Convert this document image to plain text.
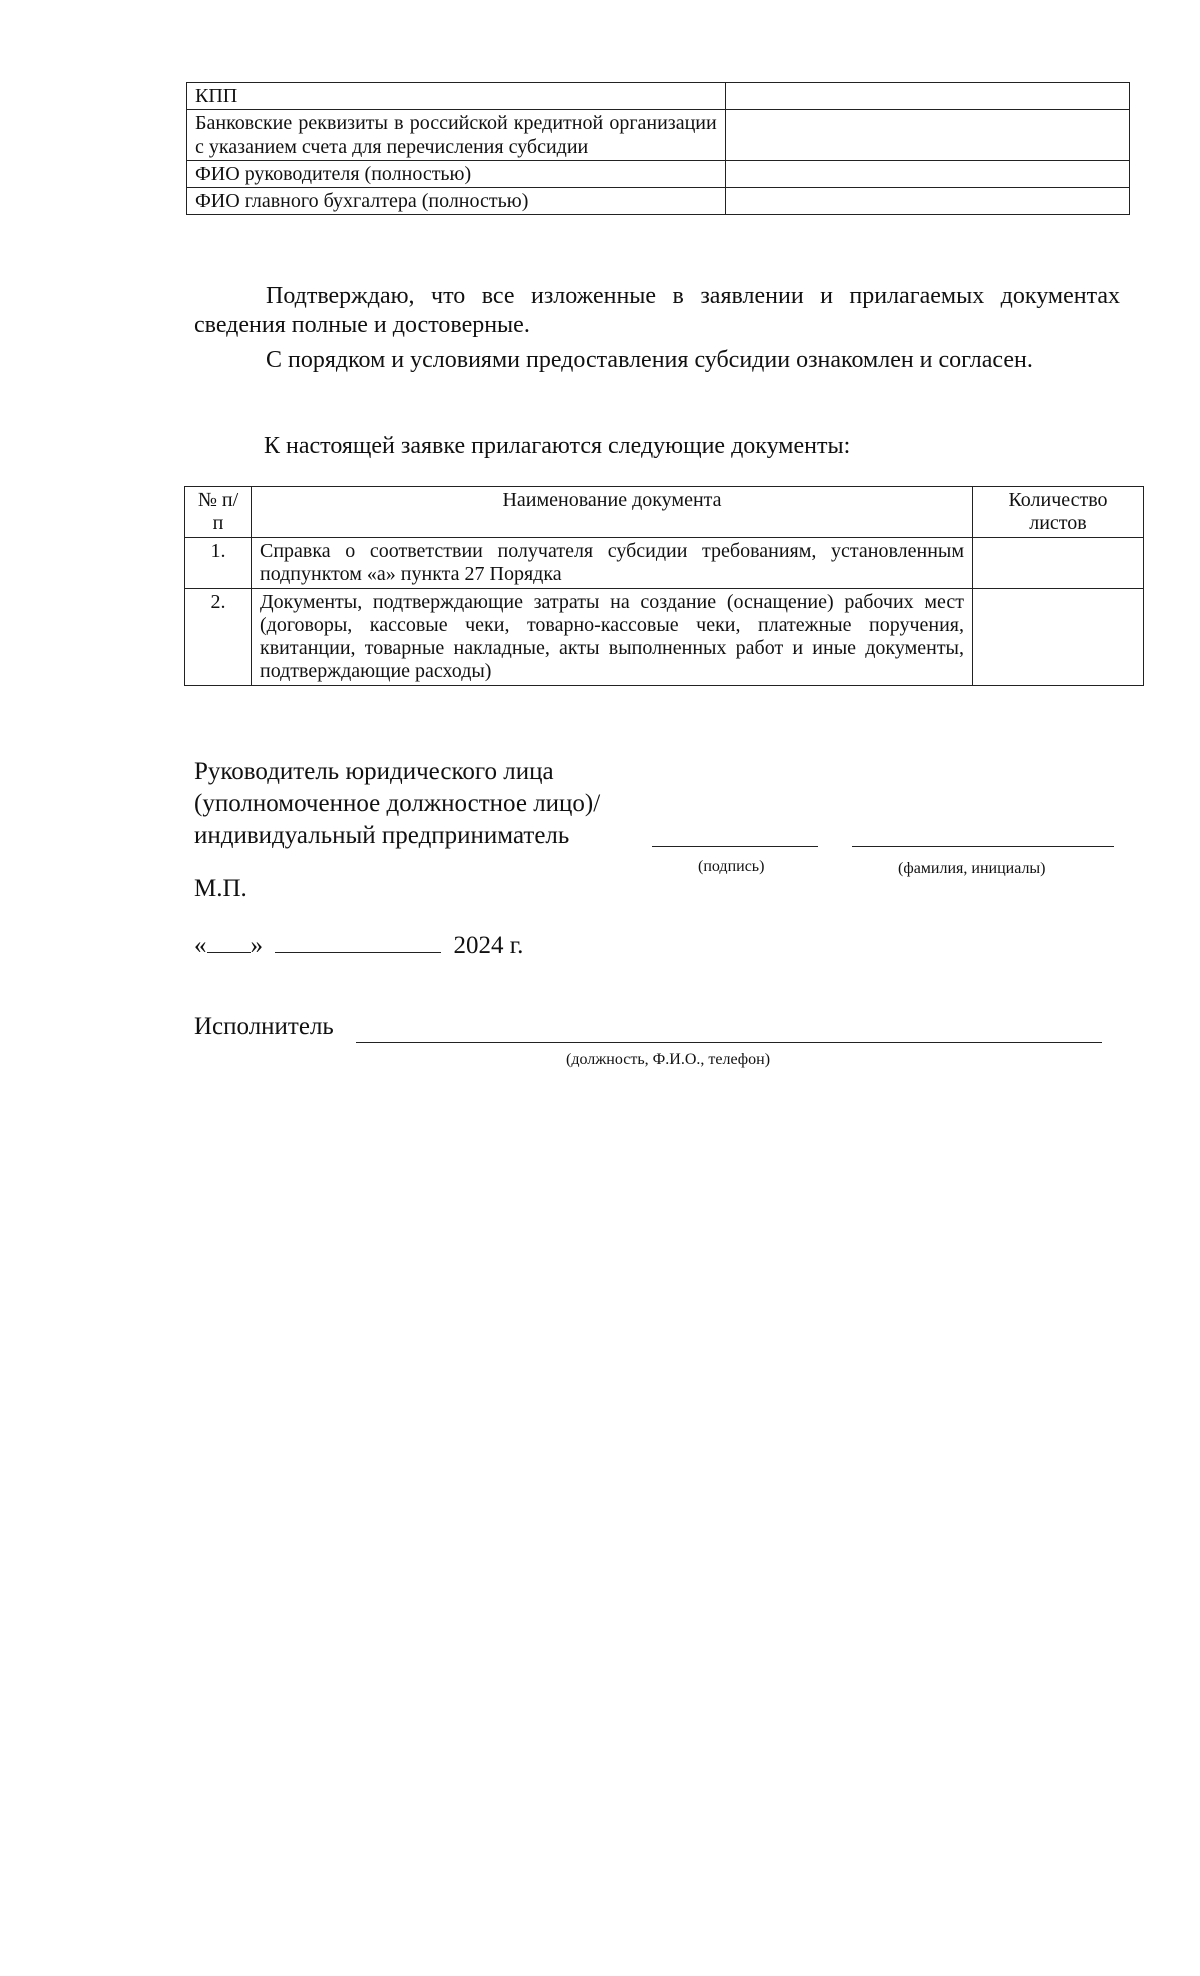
КПП	
Банковские реквизиты в российской кредитной организации с указанием счета для перечисления субсидии	
ФИО руководителя (полностью)	
ФИО главного бухгалтера (полностью)	
Подтверждаю, что все изложенные в заявлении и прилагаемых документах сведения полные и достоверные.
С порядком и условиями предоставления субсидии ознакомлен и согласен.
К настоящей заявке прилагаются следующие документы:
№ п/п	Наименование документа	Количество листов
1.	Справка о соответствии получателя субсидии требованиям, установленным подпунктом «а» пункта 27 Порядка	
2.	Документы, подтверждающие затраты на создание (оснащение) рабочих мест (договоры, кассовые чеки, товарно-кассовые чеки, платежные поручения, квитанции, товарные накладные, акты выполненных работ и иные документы, подтверждающие расходы)	
Руководитель юридического лица
(уполномоченное должностное лицо)/
индивидуальный предприниматель
(подпись)	(фамилия, инициалы)
М.П.
« »	2024 г.
Исполнитель
(должность, Ф.И.О., телефон)
